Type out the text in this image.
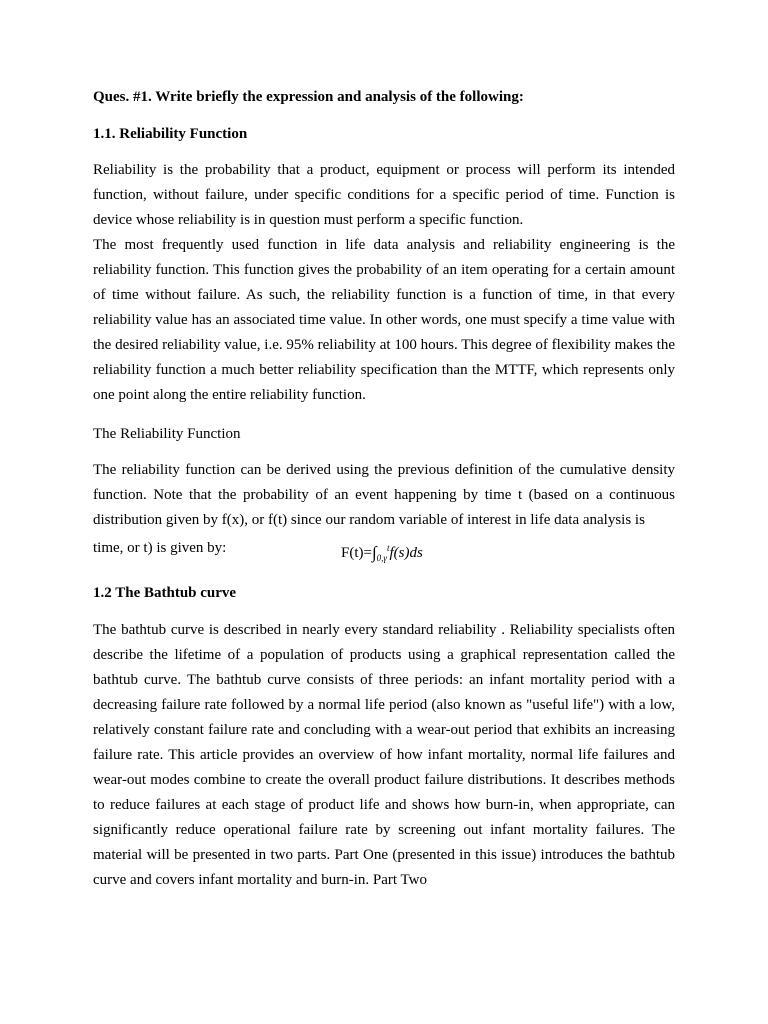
Ques. #1. Write briefly the expression and analysis of the following:

1.1. Reliability Function

Reliability is the probability that a product, equipment or process will perform its intended function, without failure, under specific conditions for a specific period of time. Function is device whose reliability is in question must perform a specific function.

The most frequently used function in life data analysis and reliability engineering is the reliability function. This function gives the probability of an item operating for a certain amount of time without failure. As such, the reliability function is a function of time, in that every reliability value has an associated time value. In other words, one must specify a time value with the desired reliability value, i.e. 95% reliability at 100 hours. This degree of flexibility makes the reliability function a much better reliability specification than the MTTF, which represents only one point along the entire reliability function.

The Reliability Function

The reliability function can be derived using the previous definition of the cumulative density function. Note that the probability of an event happening by time t (based on a continuous distribution given by f(x), or f(t) since our random variable of interest in life data analysis is

time, or t) is given by:	$F(t)=\int_{0,\gamma}^tf(s)ds$

1.2 The Bathtub curve

The bathtub curve is described in nearly every standard reliability . Reliability specialists often describe the lifetime of a population of products using a graphical representation called the bathtub curve. The bathtub curve consists of three periods: an infant mortality period with a decreasing failure rate followed by a normal life period (also known as "useful life") with a low, relatively constant failure rate and concluding with a wear-out period that exhibits an increasing failure rate. This article provides an overview of how infant mortality, normal life failures and wear-out modes combine to create the overall product failure distributions. It describes methods to reduce failures at each stage of product life and shows how burn-in, when appropriate, can significantly reduce operational failure rate by screening out infant mortality failures. The material will be presented in two parts. Part One (presented in this issue) introduces the bathtub curve and covers infant mortality and burn-in. Part Two
